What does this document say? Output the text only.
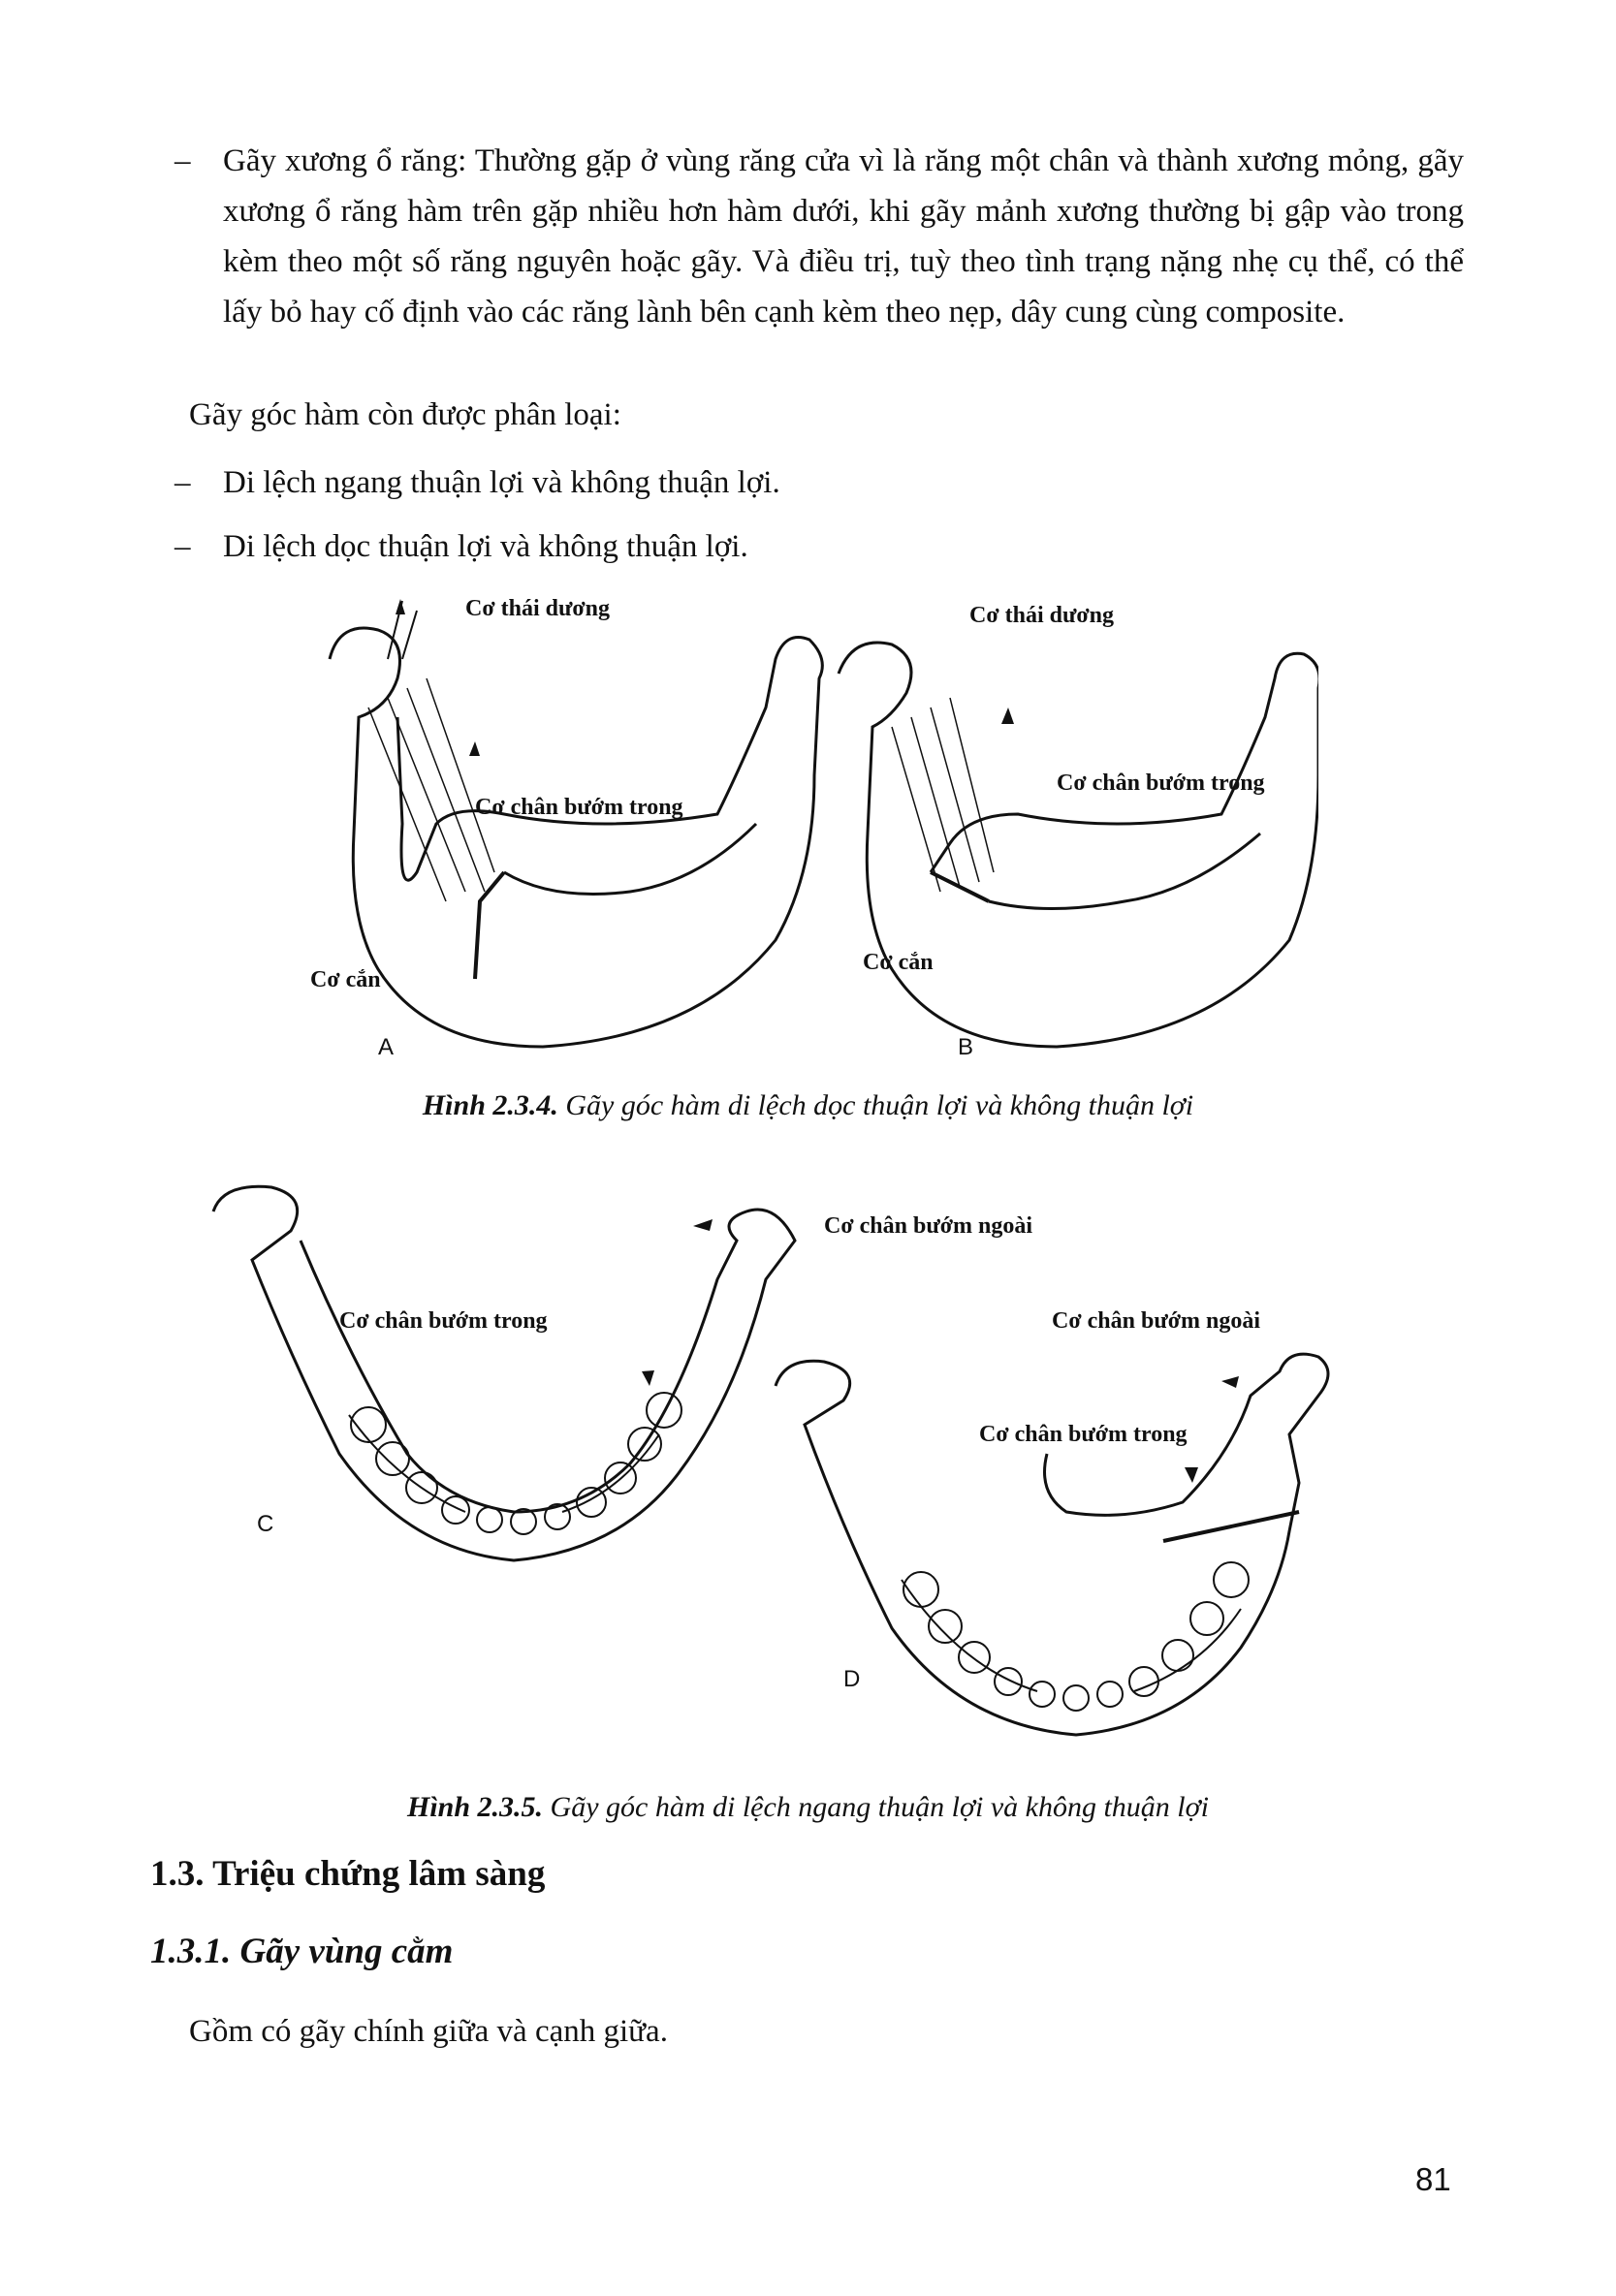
– Gãy xương ổ răng: Thường gặp ở vùng răng cửa vì là răng một chân và thành xương mỏng, gãy xương ổ răng hàm trên gặp nhiều hơn hàm dưới, khi gãy mảnh xương thường bị gập vào trong kèm theo một số răng nguyên hoặc gãy. Và điều trị, tuỳ theo tình trạng nặng nhẹ cụ thể, có thể lấy bỏ hay cố định vào các răng lành bên cạnh kèm theo nẹp, dây cung cùng composite.
Gãy góc hàm còn được phân loại:
– Di lệch ngang thuận lợi và không thuận lợi.
– Di lệch dọc thuận lợi và không thuận lợi.
Cơ thái dương
Cơ chân bướm trong
Cơ cắn
A
Cơ thái dương
Cơ chân bướm trong
Cơ cắn
B
Hình 2.3.4. Gãy góc hàm di lệch dọc thuận lợi và không thuận lợi
Cơ chân bướm ngoài
Cơ chân bướm trong
C
Cơ chân bướm ngoài
Cơ chân bướm trong
D
Hình 2.3.5. Gãy góc hàm di lệch ngang thuận lợi và không thuận lợi
1.3. Triệu chứng lâm sàng
1.3.1. Gãy vùng cằm
Gồm có gãy chính giữa và cạnh giữa.
81
